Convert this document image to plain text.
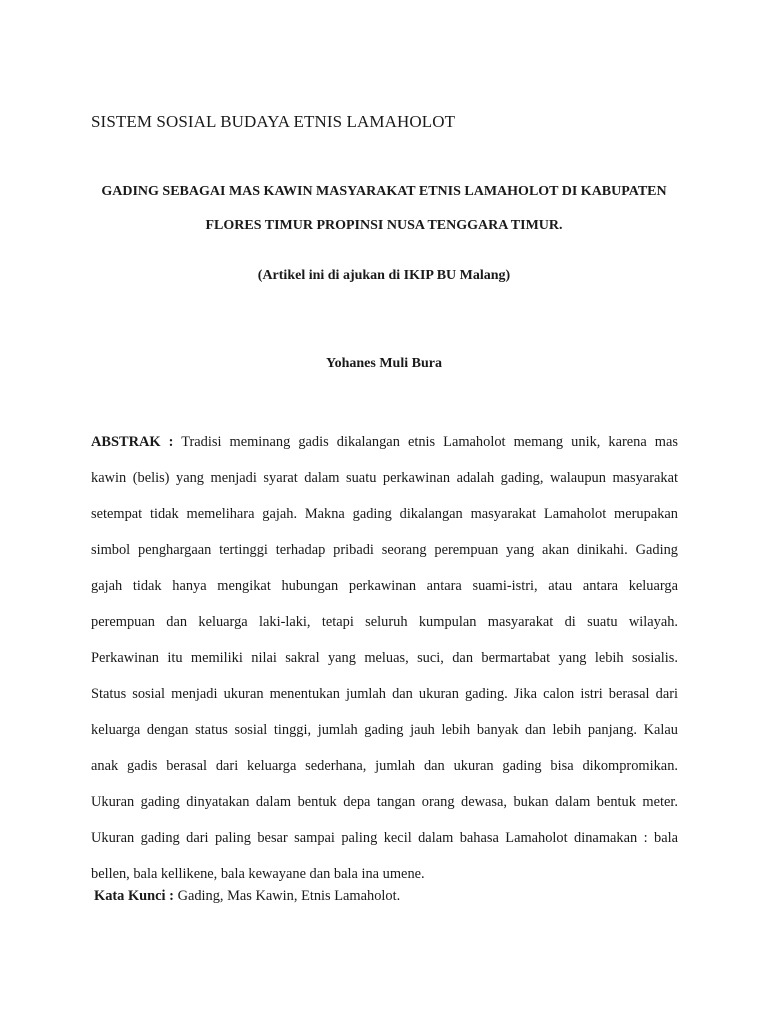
SISTEM SOSIAL BUDAYA ETNIS LAMAHOLOT
GADING SEBAGAI MAS KAWIN MASYARAKAT ETNIS LAMAHOLOT DI KABUPATEN
FLORES TIMUR PROPINSI NUSA TENGGARA TIMUR.
(Artikel ini di ajukan di IKIP BU Malang)
Yohanes Muli Bura
ABSTRAK : Tradisi meminang gadis dikalangan etnis Lamaholot memang unik, karena mas
kawin (belis) yang menjadi syarat dalam suatu perkawinan adalah gading, walaupun masyarakat
setempat tidak memelihara gajah. Makna gading dikalangan masyarakat Lamaholot merupakan
simbol penghargaan tertinggi terhadap pribadi seorang perempuan yang akan dinikahi. Gading
gajah tidak hanya mengikat hubungan perkawinan antara suami-istri, atau antara keluarga
perempuan dan keluarga laki-laki, tetapi seluruh kumpulan masyarakat di suatu wilayah.
Perkawinan itu memiliki nilai sakral yang meluas, suci, dan bermartabat yang lebih sosialis.
Status sosial menjadi ukuran menentukan jumlah dan ukuran gading. Jika calon istri berasal dari
keluarga dengan status sosial tinggi, jumlah gading jauh lebih banyak dan lebih panjang. Kalau
anak gadis berasal dari keluarga sederhana, jumlah dan ukuran gading bisa dikompromikan.
Ukuran gading dinyatakan dalam bentuk depa tangan orang dewasa, bukan dalam bentuk meter.
Ukuran gading dari paling besar sampai paling kecil dalam bahasa Lamaholot dinamakan : bala
bellen, bala kellikene, bala kewayane dan bala ina umene.
Kata Kunci : Gading, Mas Kawin, Etnis Lamaholot.
